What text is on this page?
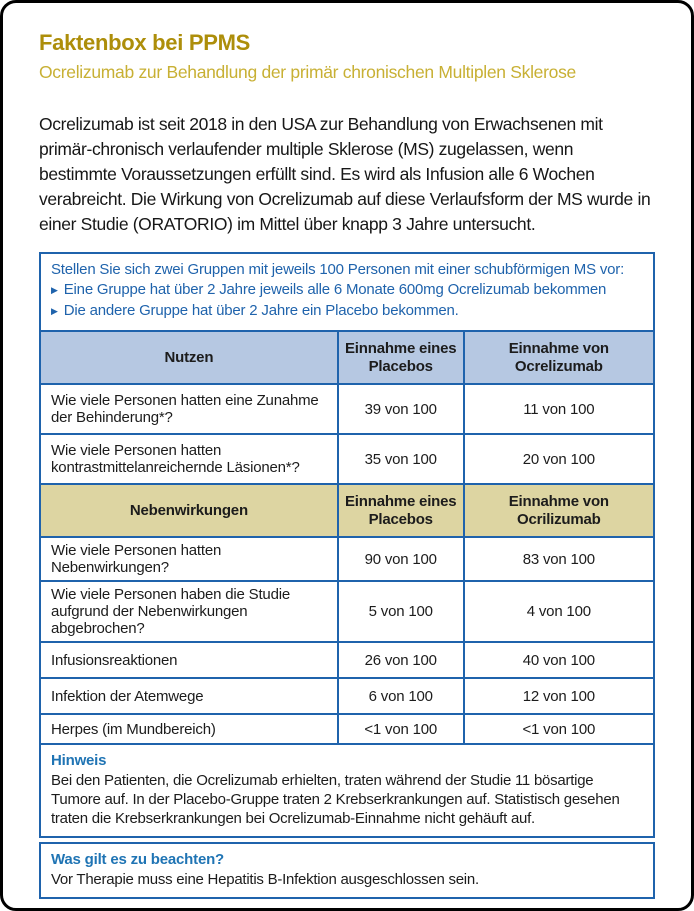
Faktenbox bei PPMS
Ocrelizumab zur Behandlung der primär chronischen Multiplen Sklerose
Ocrelizumab ist seit 2018 in den USA zur Behandlung von Erwachsenen mit primär-chronisch verlaufender multiple Sklerose (MS) zugelassen, wenn bestimmte Voraussetzungen erfüllt sind. Es wird als Infusion alle 6 Wochen verabreicht. Die Wirkung von Ocrelizumab auf diese Verlaufsform der MS wurde in einer Studie (ORATORIO) im Mittel über knapp 3 Jahre untersucht.
Stellen Sie sich zwei Gruppen mit jeweils 100 Personen mit einer schubförmigen MS vor:
▶ Eine Gruppe hat über 2 Jahre jeweils alle 6 Monate 600mg Ocrelizumab bekommen
▶ Die andere Gruppe hat über 2 Jahre ein Placebo bekommen.
Nutzen	Einnahme eines Placebos	Einnahme von Ocrelizumab
Wie viele Personen hatten eine Zunahme der Behinderung*?	39 von 100	11 von 100
Wie viele Personen hatten kontrastmittelanreichernde Läsionen*?	35 von 100	20 von 100
Nebenwirkungen	Einnahme eines Placebos	Einnahme von Ocrilizumab
Wie viele Personen hatten Nebenwirkungen?	90 von 100	83 von 100
Wie viele Personen haben die Studie aufgrund der Nebenwirkungen abgebrochen?	5 von 100	4 von 100
Infusionsreaktionen	26 von 100	40 von 100
Infektion der Atemwege	6 von 100	12 von 100
Herpes (im Mundbereich)	<1 von 100	<1 von 100
Hinweis
Bei den Patienten, die Ocrelizumab erhielten, traten während der Studie 11 bösartige Tumore auf. In der Placebo-Gruppe traten 2 Krebserkrankungen auf. Statistisch gesehen traten die Krebserkrankungen bei Ocrelizumab-Einnahme nicht gehäuft auf.
Was gilt es zu beachten?
Vor Therapie muss eine Hepatitis B-Infektion ausgeschlossen sein.
